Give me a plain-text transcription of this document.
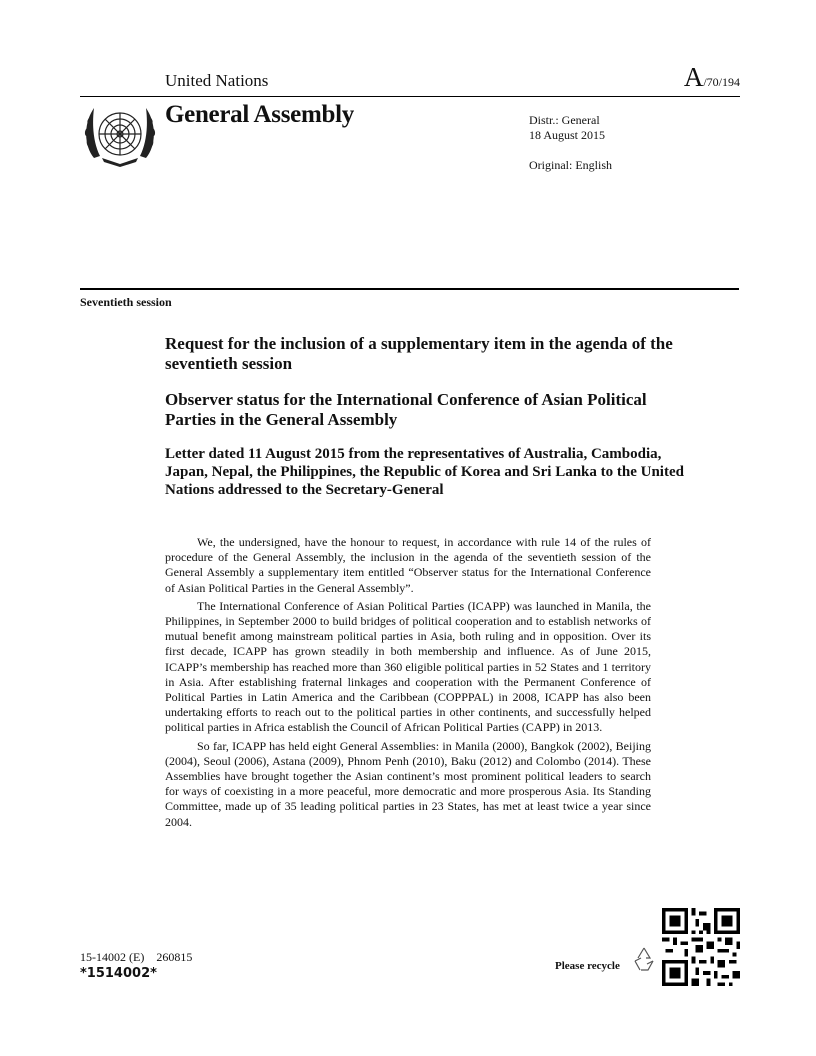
United Nations	A/70/194
General Assembly	Distr.: General
18 August 2015
Original: English
Seventieth session
Request for the inclusion of a supplementary item in the agenda of the seventieth session
Observer status for the International Conference of Asian Political Parties in the General Assembly
Letter dated 11 August 2015 from the representatives of Australia, Cambodia, Japan, Nepal, the Philippines, the Republic of Korea and Sri Lanka to the United Nations addressed to the Secretary-General

We, the undersigned, have the honour to request, in accordance with rule 14 of the rules of procedure of the General Assembly, the inclusion in the agenda of the seventieth session of the General Assembly a supplementary item entitled “Observer status for the International Conference of Asian Political Parties in the General Assembly”.

The International Conference of Asian Political Parties (ICAPP) was launched in Manila, the Philippines, in September 2000 to build bridges of political cooperation and to establish networks of mutual benefit among mainstream political parties in Asia, both ruling and in opposition. Over its first decade, ICAPP has grown steadily in both membership and influence. As of June 2015, ICAPP’s membership has reached more than 360 eligible political parties in 52 States and 1 territory in Asia. After establishing fraternal linkages and cooperation with the Permanent Conference of Political Parties in Latin America and the Caribbean (COPPPAL) in 2008, ICAPP has also been undertaking efforts to reach out to the political parties in other continents, and successfully helped political parties in Africa establish the Council of African Political Parties (CAPP) in 2013.

So far, ICAPP has held eight General Assemblies: in Manila (2000), Bangkok (2002), Beijing (2004), Seoul (2006), Astana (2009), Phnom Penh (2010), Baku (2012) and Colombo (2014). These Assemblies have brought together the Asian continent’s most prominent political leaders to search for ways of coexisting in a more peaceful, more democratic and more prosperous Asia. Its Standing Committee, made up of 35 leading political parties in 23 States, has met at least twice a year since 2004.

15-14002 (E) 260815
*1514002*	Please recycle
